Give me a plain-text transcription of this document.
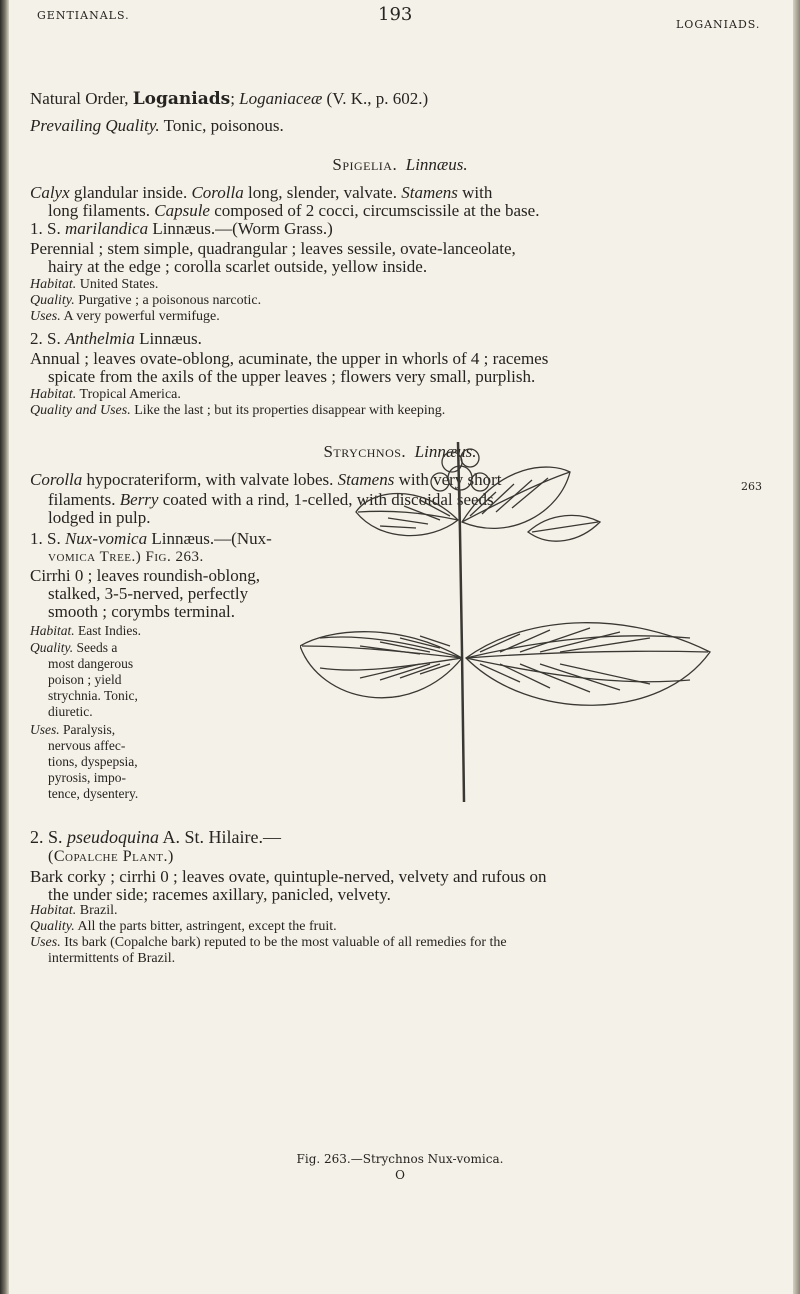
GENTIANALS.	193	LOGANIADS.
Natural Order, Loganiads; Loganiaceæ (V. K., p. 602.)
Prevailing Quality. Tonic, poisonous.
Spigelia. Linnæus.
Calyx glandular inside. Corolla long, slender, valvate. Stamens with
long filaments. Capsule composed of 2 cocci, circumscissile at the base.
1. S. marilandica Linnæus.—(Worm Grass.)
Perennial ; stem simple, quadrangular ; leaves sessile, ovate-lanceolate,
hairy at the edge ; corolla scarlet outside, yellow inside.
Habitat. United States.
Quality. Purgative ; a poisonous narcotic.
Uses. A very powerful vermifuge.
2. S. Anthelmia Linnæus.
Annual ; leaves ovate-oblong, acuminate, the upper in whorls of 4 ; racemes
spicate from the axils of the upper leaves ; flowers very small, purplish.
Habitat. Tropical America.
Quality and Uses. Like the last ; but its properties disappear with keeping.
Strychnos. Linnæus.
Corolla hypocrateriform, with valvate lobes. Stamens with very short
filaments. Berry coated with a rind, 1-celled, with discoidal seeds
lodged in pulp.
1. S. Nux-vomica Linnæus.—(Nux-
vomica Tree.) Fig. 263.
Cirrhi 0 ; leaves roundish-oblong,
stalked, 3-5-nerved, perfectly
smooth ; corymbs terminal.
Habitat. East Indies.
Quality. Seeds a
most dangerous
poison ; yield
strychnia. Tonic,
diuretic.
Uses. Paralysis,
nervous affec-
tions, dyspepsia,
pyrosis, impo-
tence, dysentery.
2. S. pseudoquina A. St. Hilaire.—
(Copalche Plant.)
Bark corky ; cirrhi 0 ; leaves ovate, quintuple-nerved, velvety and rufous on
the under side; racemes axillary, panicled, velvety.
Habitat. Brazil.
Quality. All the parts bitter, astringent, except the fruit.
Uses. Its bark (Copalche bark) reputed to be the most valuable of all remedies for the
intermittents of Brazil.
263
Fig. 263.—Strychnos Nux-vomica.
O
